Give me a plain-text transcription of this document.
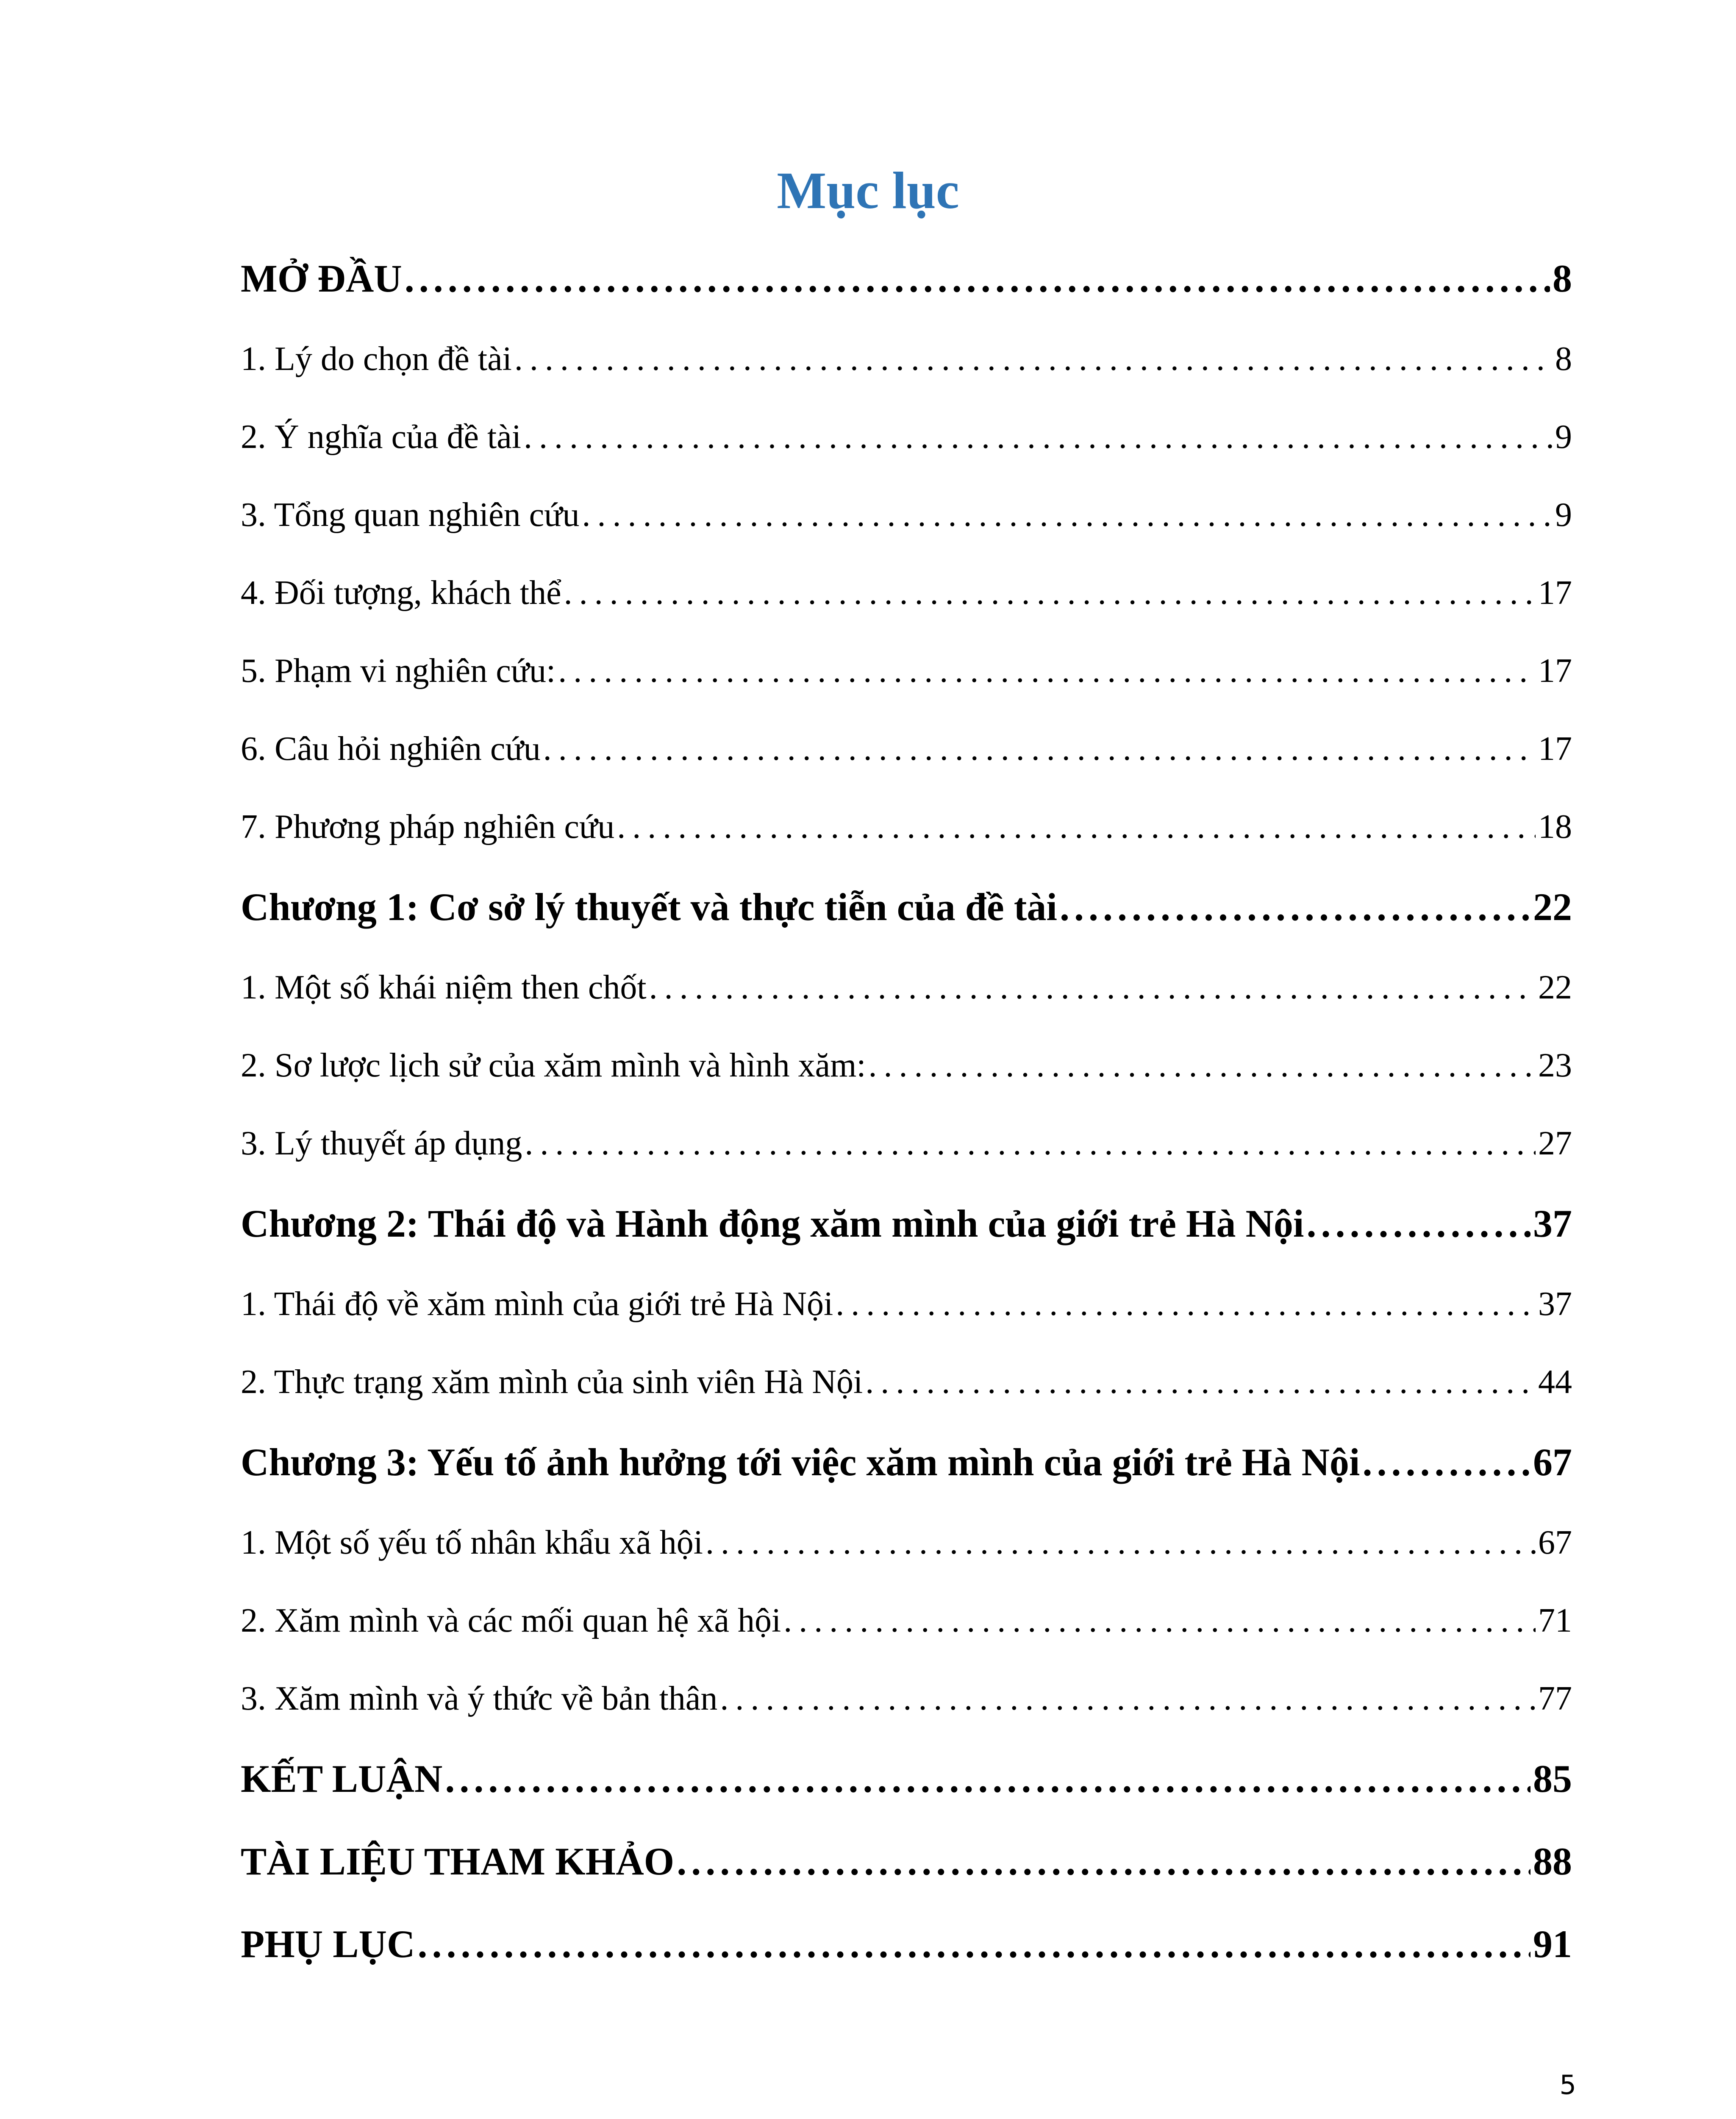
Mục lục
MỞ ĐẦU . . .	8
1. Lý do chọn đề tài . . .	8
2. Ý nghĩa của đề tài . . .	9
3. Tổng quan nghiên cứu . . .	9
4. Đối tượng, khách thể . . .	17
5. Phạm vi nghiên cứu: . . .	17
6. Câu hỏi nghiên cứu . . .	17
7. Phương pháp nghiên cứu . . .	18
Chương 1: Cơ sở lý thuyết và thực tiễn của đề tài . . .	22
1. Một số khái niệm then chốt . . .	22
2. Sơ lược lịch sử của xăm mình và hình xăm: . . .	23
3. Lý thuyết áp dụng . . .	27
Chương 2: Thái độ và Hành động xăm mình của giới trẻ Hà Nội . . .	37
1. Thái độ về xăm mình của giới trẻ Hà Nội . . .	37
2. Thực trạng xăm mình của sinh viên Hà Nội . . .	44
Chương 3: Yếu tố ảnh hưởng tới việc xăm mình của giới trẻ Hà Nội . . .	67
1. Một số yếu tố nhân khẩu xã hội . . .	67
2. Xăm mình và các mối quan hệ xã hội . . .	71
3. Xăm mình và ý thức về bản thân . . .	77
KẾT LUẬN . . .	85
TÀI LIỆU THAM KHẢO . . .	88
PHỤ LỤC . . .	91
5
